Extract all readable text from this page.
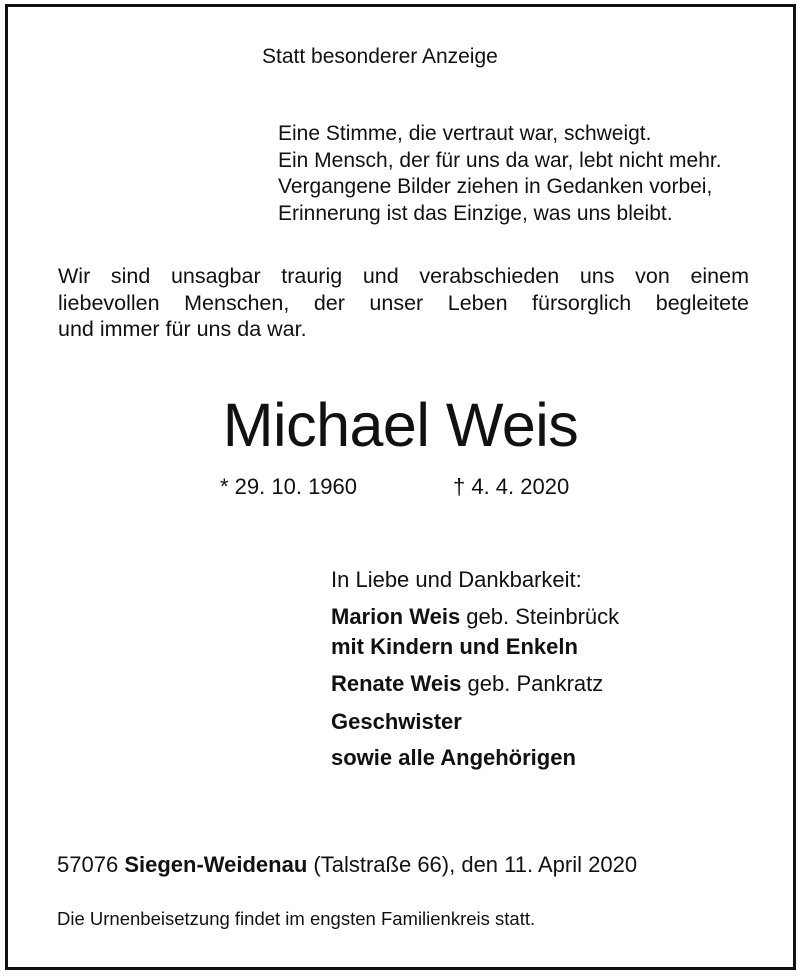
Statt besonderer Anzeige
Eine Stimme, die vertraut war, schweigt.
Ein Mensch, der für uns da war, lebt nicht mehr.
Vergangene Bilder ziehen in Gedanken vorbei,
Erinnerung ist das Einzige, was uns bleibt.
Wir sind unsagbar traurig und verabschieden uns von einem
liebevollen Menschen, der unser Leben fürsorglich begleitete
und immer für uns da war.
Michael Weis
* 29. 10. 1960	† 4. 4. 2020
In Liebe und Dankbarkeit:
Marion Weis geb. Steinbrück
mit Kindern und Enkeln
Renate Weis geb. Pankratz
Geschwister
sowie alle Angehörigen
57076 Siegen-Weidenau (Talstraße 66), den 11. April 2020
Die Urnenbeisetzung findet im engsten Familienkreis statt.
